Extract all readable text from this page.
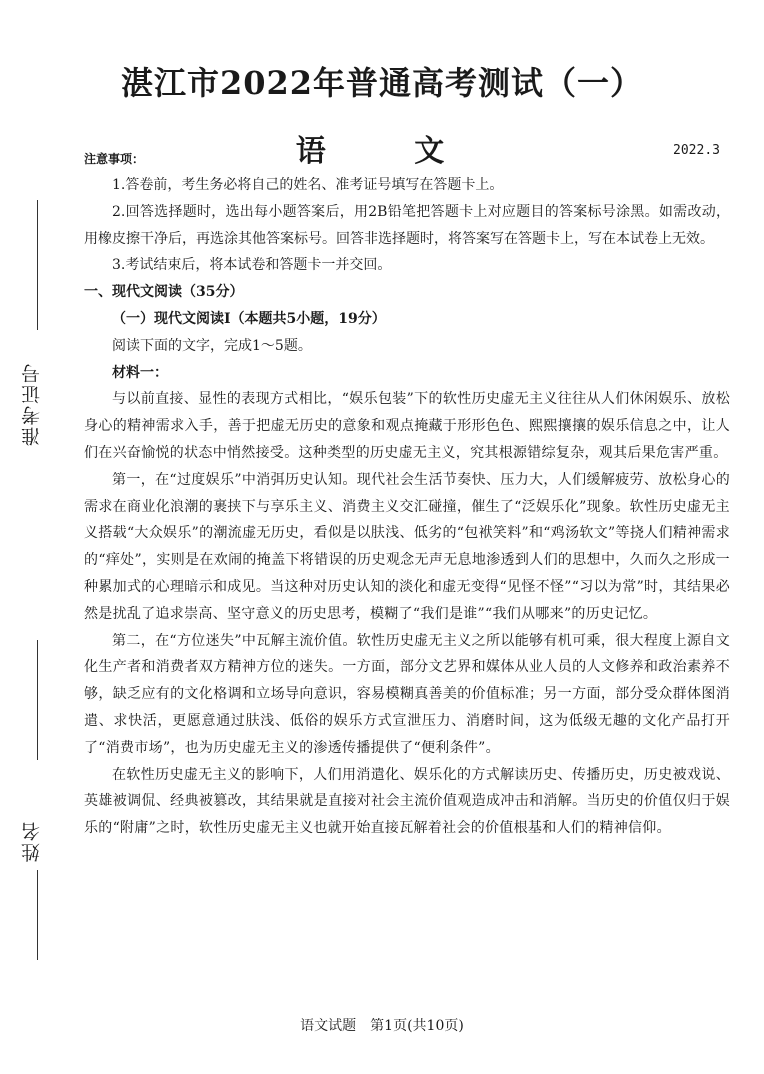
湛江市2022年普通高考测试（一）
语 文	2022.3
注意事项：
准考证号
姓名

1.答卷前，考生务必将自己的姓名、准考证号填写在答题卡上。

2.回答选择题时，选出每小题答案后，用2B铅笔把答题卡上对应题目的答案标号涂黑。如需改动，用橡皮擦干净后，再选涂其他答案标号。回答非选择题时，将答案写在答题卡上，写在本试卷上无效。

3.考试结束后，将本试卷和答题卡一并交回。

一、现代文阅读（35分）

（一）现代文阅读Ⅰ（本题共5小题，19分）

阅读下面的文字，完成1～5题。

材料一：

与以前直接、显性的表现方式相比，“娱乐包装”下的软性历史虚无主义往往从人们休闲娱乐、放松身心的精神需求入手，善于把虚无历史的意象和观点掩藏于形形色色、熙熙攘攘的娱乐信息之中，让人们在兴奋愉悦的状态中悄然接受。这种类型的历史虚无主义，究其根源错综复杂，观其后果危害严重。

第一，在“过度娱乐”中消弭历史认知。现代社会生活节奏快、压力大，人们缓解疲劳、放松身心的需求在商业化浪潮的裹挟下与享乐主义、消费主义交汇碰撞，催生了“泛娱乐化”现象。软性历史虚无主义搭载“大众娱乐”的潮流虚无历史，看似是以肤浅、低劣的“包袱笑料”和“鸡汤软文”等挠人们精神需求的“痒处”，实则是在欢闹的掩盖下将错误的历史观念无声无息地渗透到人们的思想中，久而久之形成一种累加式的心理暗示和成见。当这种对历史认知的淡化和虚无变得“见怪不怪”“习以为常”时，其结果必然是扰乱了追求崇高、坚守意义的历史思考，模糊了“我们是谁”“我们从哪来”的历史记忆。

第二，在“方位迷失”中瓦解主流价值。软性历史虚无主义之所以能够有机可乘，很大程度上源自文化生产者和消费者双方精神方位的迷失。一方面，部分文艺界和媒体从业人员的人文修养和政治素养不够，缺乏应有的文化格调和立场导向意识，容易模糊真善美的价值标准；另一方面，部分受众群体图消遣、求快活，更愿意通过肤浅、低俗的娱乐方式宣泄压力、消磨时间，这为低级无趣的文化产品打开了“消费市场”，也为历史虚无主义的渗透传播提供了“便利条件”。

在软性历史虚无主义的影响下，人们用消遣化、娱乐化的方式解读历史、传播历史，历史被戏说、英雄被调侃、经典被篡改，其结果就是直接对社会主流价值观造成冲击和消解。当历史的价值仅归于娱乐的“附庸”之时，软性历史虚无主义也就开始直接瓦解着社会的价值根基和人们的精神信仰。

语文试题　第1页(共10页)
